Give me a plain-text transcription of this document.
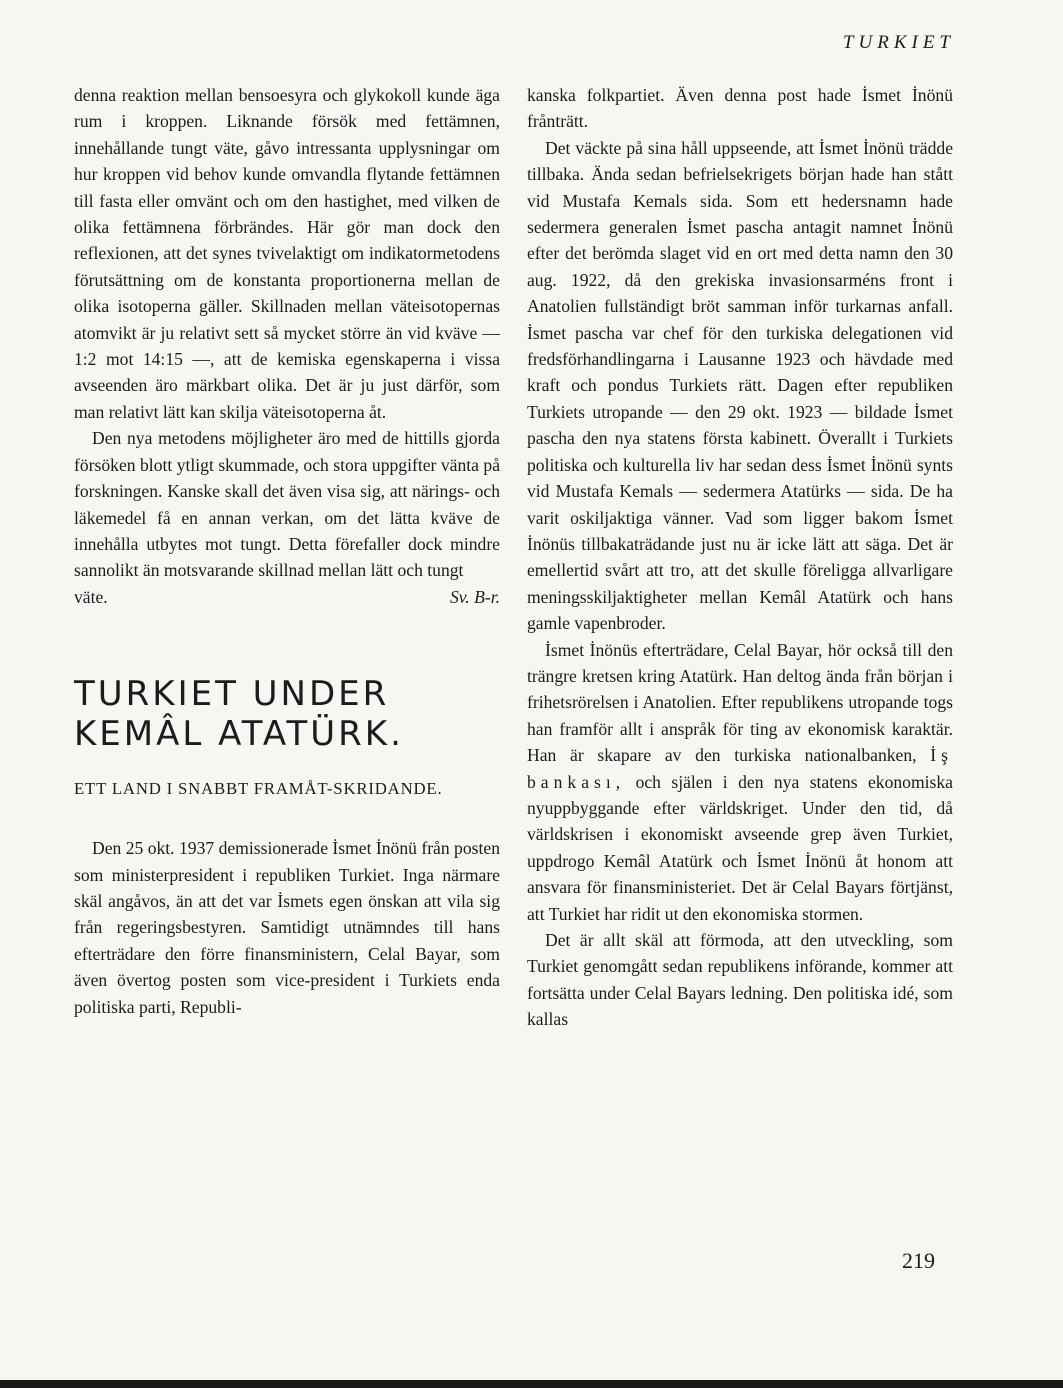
TURKIET

denna reaktion mellan bensoesyra och glykokoll kunde äga rum i kroppen. Liknande försök med fettämnen, innehållande tungt väte, gåvo intressanta upplysningar om hur kroppen vid behov kunde omvandla flytande fettämnen till fasta eller omvänt och om den hastighet, med vilken de olika fettämnena förbrändes. Här gör man dock den reflexionen, att det synes tvivelaktigt om indikatormetodens förutsättning om de konstanta proportionerna mellan de olika isotoperna gäller. Skillnaden mellan väteisotopernas atomvikt är ju relativt sett så mycket större än vid kväve — 1:2 mot 14:15 —, att de kemiska egenskaperna i vissa avseenden äro märkbart olika. Det är ju just därför, som man relativt lätt kan skilja väteisotoperna åt.

Den nya metodens möjligheter äro med de hittills gjorda försöken blott ytligt skummade, och stora uppgifter vänta på forskningen. Kanske skall det även visa sig, att närings- och läkemedel få en annan verkan, om det lätta kväve de innehålla utbytes mot tungt. Detta förefaller dock mindre sannolikt än motsvarande skillnad mellan lätt och tungt

väte.	Sv. B-r.
TURKIET UNDER KEMÂL ATATÜRK.
ETT LAND I SNABBT FRAMÅT-SKRIDANDE.

Den 25 okt. 1937 demissionerade İsmet İnönü från posten som ministerpresident i republiken Turkiet. Inga närmare skäl angåvos, än att det var İsmets egen önskan att vila sig från regeringsbestyren. Samtidigt utnämndes till hans efterträdare den förre finansministern, Celal Bayar, som även övertog posten som vice-president i Turkiets enda politiska parti, Republi-

kanska folkpartiet. Även denna post hade İsmet İnönü frånträtt.

Det väckte på sina håll uppseende, att İsmet İnönü trädde tillbaka. Ända sedan befrielsekrigets början hade han stått vid Mustafa Kemals sida. Som ett hedersnamn hade sedermera generalen İsmet pascha antagit namnet İnönü efter det berömda slaget vid en ort med detta namn den 30 aug. 1922, då den grekiska invasionsarméns front i Anatolien fullständigt bröt samman inför turkarnas anfall. İsmet pascha var chef för den turkiska delegationen vid fredsförhandlingarna i Lausanne 1923 och hävdade med kraft och pondus Turkiets rätt. Dagen efter republiken Turkiets utropande — den 29 okt. 1923 — bildade İsmet pascha den nya statens första kabinett. Överallt i Turkiets politiska och kulturella liv har sedan dess İsmet İnönü synts vid Mustafa Kemals — sedermera Atatürks — sida. De ha varit oskiljaktiga vänner. Vad som ligger bakom İsmet İnönüs tillbakaträdande just nu är icke lätt att säga. Det är emellertid svårt att tro, att det skulle föreligga allvarligare meningsskiljaktigheter mellan Kemâl Atatürk och hans gamle vapenbroder.

İsmet İnönüs efterträdare, Celal Bayar, hör också till den trängre kretsen kring Atatürk. Han deltog ända från början i frihetsrörelsen i Anatolien. Efter republikens utropande togs han framför allt i anspråk för ting av ekonomisk karaktär. Han är skapare av den turkiska nationalbanken, İş bankası, och själen i den nya statens ekonomiska nyuppbyggande efter världskriget. Under den tid, då världskrisen i ekonomiskt avseende grep även Turkiet, uppdrogo Kemâl Atatürk och İsmet İnönü åt honom att ansvara för finansministeriet. Det är Celal Bayars förtjänst, att Turkiet har ridit ut den ekonomiska stormen.

Det är allt skäl att förmoda, att den utveckling, som Turkiet genomgått sedan republikens införande, kommer att fortsätta under Celal Bayars ledning. Den politiska idé, som kallas

219
